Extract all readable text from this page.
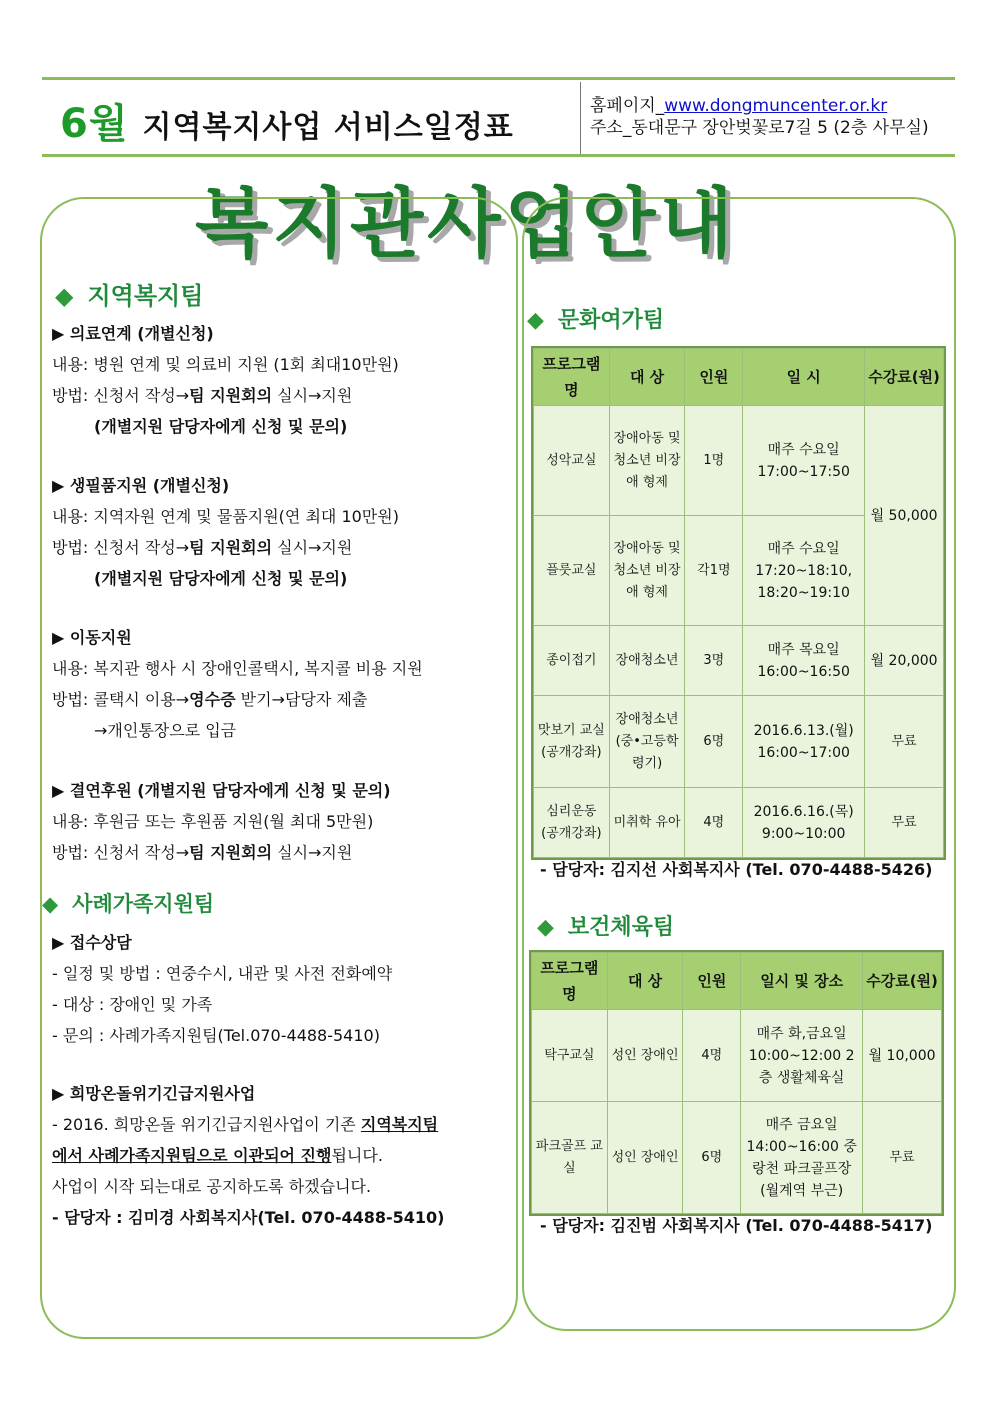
6월 지역복지사업 서비스일정표
홈페이지_www.dongmuncenter.or.kr
주소_동대문구 장안벚꽃로7길 5 (2층 사무실)
복지관사업안내
◆ 지역복지팀
▶ 의료연계 (개별신청)
내용: 병원 연계 및 의료비 지원 (1회 최대10만원)
방법: 신청서 작성→팀 지원회의 실시→지원
(개별지원 담당자에게 신청 및 문의)
▶ 생필품지원 (개별신청)
내용: 지역자원 연계 및 물품지원(연 최대 10만원)
방법: 신청서 작성→팀 지원회의 실시→지원
(개별지원 담당자에게 신청 및 문의)
▶ 이동지원
내용: 복지관 행사 시 장애인콜택시, 복지콜 비용 지원
방법: 콜택시 이용→영수증 받기→담당자 제출
→개인통장으로 입금
▶ 결연후원 (개별지원 담당자에게 신청 및 문의)
내용: 후원금 또는 후원품 지원(월 최대 5만원)
방법: 신청서 작성→팀 지원회의 실시→지원
◆ 사례가족지원팀
▶ 접수상담
- 일정 및 방법 : 연중수시, 내관 및 사전 전화예약
- 대상 : 장애인 및 가족
- 문의 : 사례가족지원팀(Tel.070-4488-5410)
▶ 희망온돌위기긴급지원사업
- 2016. 희망온돌 위기긴급지원사업이 기존 지역복지팀
에서 사례가족지원팀으로 이관되어 진행됩니다.
사업이 시작 되는대로 공지하도록 하겠습니다.
- 담당자 : 김미경 사회복지사(Tel. 070-4488-5410)
◆ 문화여가팀
프로그램명	대 상	인원	일 시	수강료(원)
성악교실	장애아동 및 청소년 비장애 형제	1명	매주 수요일 17:00~17:50	월 50,000
플룻교실	장애아동 및 청소년 비장애 형제	각1명	매주 수요일 17:20~18:10, 18:20~19:10	
종이접기	장애청소년	3명	매주 목요일 16:00~16:50	월 20,000
맛보기 교실 (공개강좌)	장애청소년 (중•고등학령기)	6명	2016.6.13.(월) 16:00~17:00	무료
심리운동 (공개강좌)	미취학 유아	4명	2016.6.16.(목) 9:00~10:00	무료
- 담당자: 김지선 사회복지사 (Tel. 070-4488-5426)
◆ 보건체육팀
프로그램명	대 상	인원	일시 및 장소	수강료(원)
탁구교실	성인 장애인	4명	매주 화,금요일 10:00~12:00 2층 생활체육실	월 10,000
파크골프 교실	성인 장애인	6명	매주 금요일 14:00~16:00 중랑천 파크골프장 (월계역 부근)	무료
- 담당자: 김진범 사회복지사 (Tel. 070-4488-5417)
